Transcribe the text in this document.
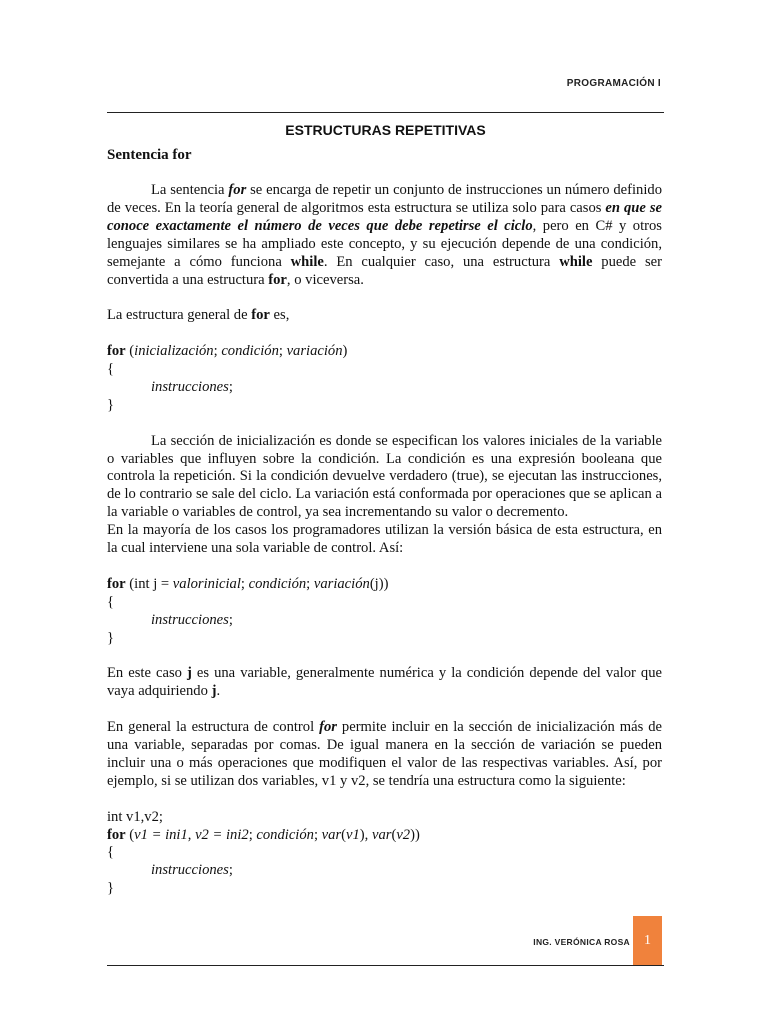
PROGRAMACIÓN I
ESTRUCTURAS REPETITIVAS
Sentencia for

La sentencia for se encarga de repetir un conjunto de instrucciones un número definido de veces. En la teoría general de algoritmos esta estructura se utiliza solo para casos en que se conoce exactamente el número de veces que debe repetirse el ciclo, pero en C# y otros lenguajes similares se ha ampliado este concepto, y su ejecución depende de una condición, semejante a cómo funciona while. En cualquier caso, una estructura while puede ser convertida a una estructura for, o viceversa.

La estructura general de for es,

for (inicialización; condición; variación)
{
instrucciones;
}

La sección de inicialización es donde se especifican los valores iniciales de la variable o variables que influyen sobre la condición. La condición es una expresión booleana que controla la repetición. Si la condición devuelve verdadero (true), se ejecutan las instrucciones, de lo contrario se sale del ciclo. La variación está conformada por operaciones que se aplican a la variable o variables de control, ya sea incrementando su valor o decremento.

En la mayoría de los casos los programadores utilizan la versión básica de esta estructura, en la cual interviene una sola variable de control. Así:

for (int j = valorinicial; condición; variación(j))
{
instrucciones;
}

En este caso j es una variable, generalmente numérica y la condición depende del valor que vaya adquiriendo j.

En general la estructura de control for permite incluir en la sección de inicialización más de una variable, separadas por comas. De igual manera en la sección de variación se pueden incluir una o más operaciones que modifiquen el valor de las respectivas variables. Así, por ejemplo, si se utilizan dos variables, v1 y v2, se tendría una estructura como la siguiente:

int v1,v2;
for (v1 = ini1, v2 = ini2; condición; var(v1), var(v2))
{
instrucciones;
}
ING. VERÓNICA ROSA	1
